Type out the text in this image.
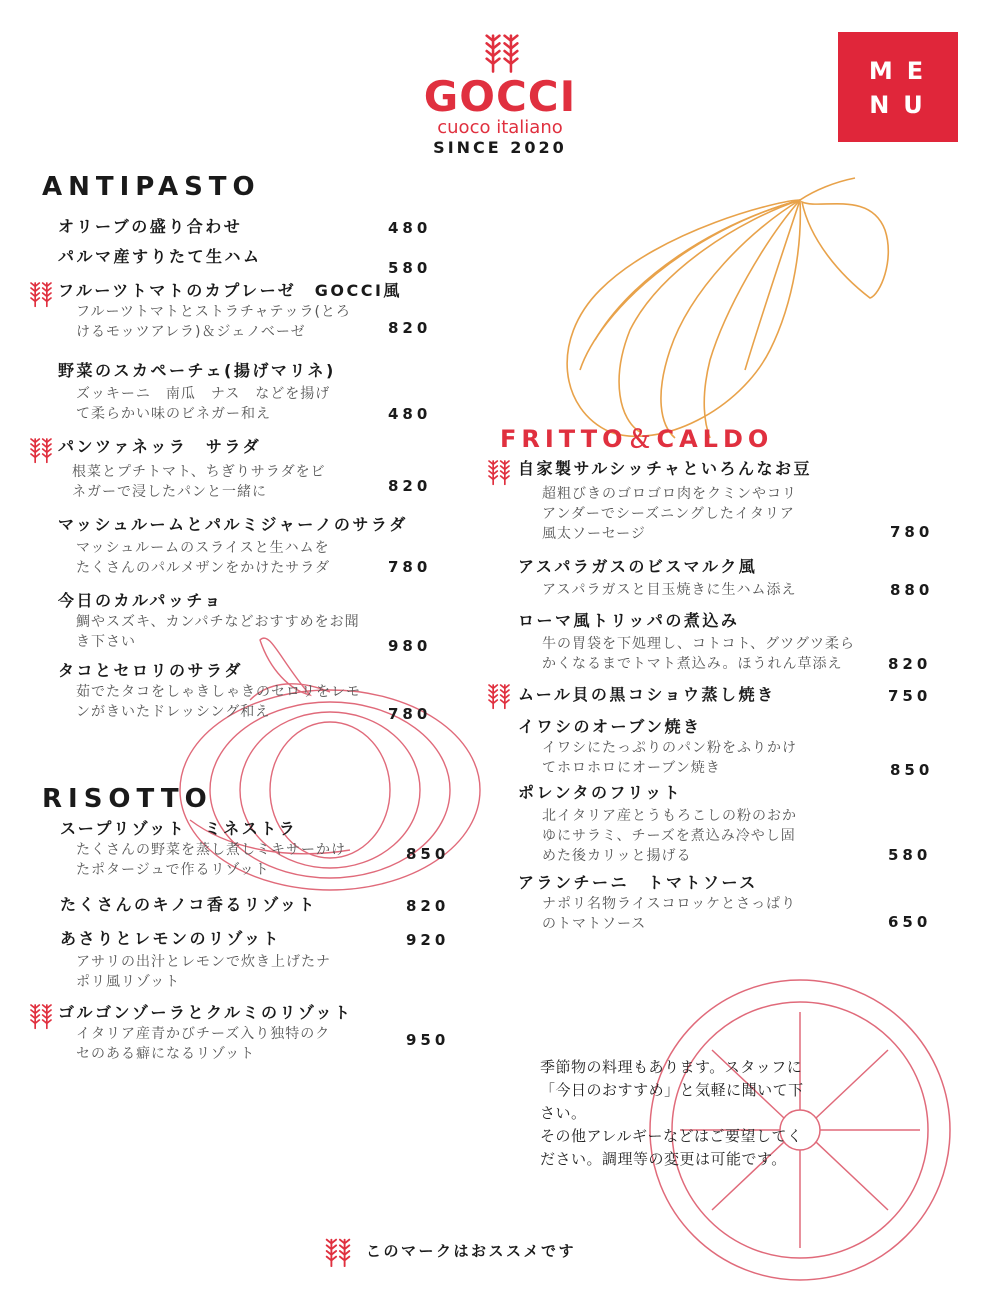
GOCCI
cuoco italiano
SINCE 2020
ME
NU
ANTIPASTO
オリーブの盛り合わせ	480
パルマ産すりたて生ハム
580
フルーツトマトのカプレーゼ　GOCCI風
フルーツトマトとストラチャテッラ(とろ
けるモッツアレラ)＆ジェノベーゼ	820
野菜のスカペーチェ(揚げマリネ)
ズッキーニ　南瓜　ナス　などを揚げ
て柔らかい味のビネガー和え	480
パンツァネッラ　サラダ
根菜とプチトマト、ちぎりサラダをビ
ネガーで浸したパンと一緒に	820
マッシュルームとパルミジャーノのサラダ
マッシュルームのスライスと生ハムを
たくさんのパルメザンをかけたサラダ	780
今日のカルパッチョ
鯛やスズキ、カンパチなどおすすめをお聞
き下さい	980
タコとセロリのサラダ
茹でたタコをしゃきしゃきのセロリをレモ
ンがきいたドレッシング和え	780
RISOTTO
スープリゾット　ミネストラ
たくさんの野菜を蒸し煮しミキサーかけ
たポタージュで作るリゾット
850
たくさんのキノコ香るリゾット	820
あさりとレモンのリゾット
アサリの出汁とレモンで炊き上げたナ
ポリ風リゾット
920
ゴルゴンゾーラとクルミのリゾット
イタリア産青かびチーズ入り独特のク
セのある癖になるリゾット
950
FRITTO＆CALDO
自家製サルシッチャといろんなお豆
超粗びきのゴロゴロ肉をクミンやコリ
アンダーでシーズニングしたイタリア
風太ソーセージ	780
アスパラガスのビスマルク風
アスパラガスと目玉焼きに生ハム添え	880
ローマ風トリッパの煮込み
牛の胃袋を下処理し、コトコト、グツグツ柔ら
かくなるまでトマト煮込み。ほうれん草添え	820
ムール貝の黒コショウ蒸し焼き	750
イワシのオーブン焼き
イワシにたっぷりのパン粉をふりかけ
てホロホロにオーブン焼き	850
ポレンタのフリット
北イタリア産とうもろこしの粉のおか
ゆにサラミ、チーズを煮込み冷やし固
めた後カリッと揚げる	580
アランチーニ　トマトソース
ナポリ名物ライスコロッケとさっぱり
のトマトソース	650
季節物の料理もあります。スタッフに
「今日のおすすめ」と気軽に聞いて下
さい。
その他アレルギーなどはご要望してく
ださい。調理等の変更は可能です。
このマークはおススメです
